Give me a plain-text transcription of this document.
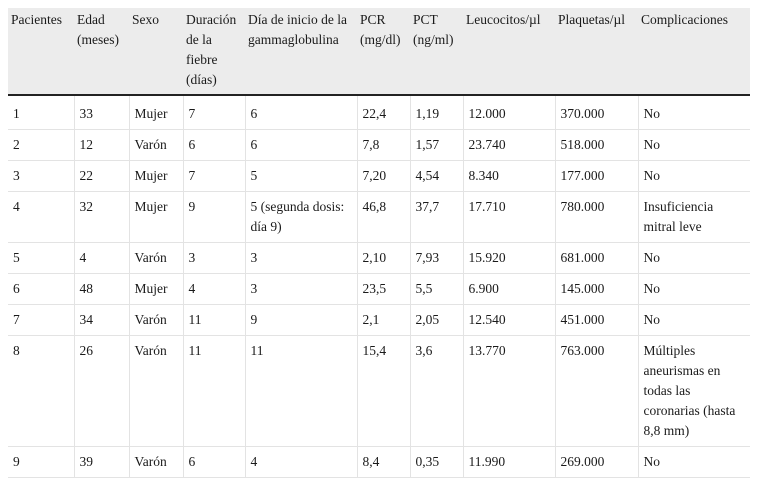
Pacientes	Edad (meses)	Sexo	Duración de la fiebre (días)	Día de inicio de la gammaglobulina	PCR (mg/dl)	PCT (ng/ml)	Leucocitos/µl	Plaquetas/µl	Complicaciones
1	33	Mujer	7	6	22,4	1,19	12.000	370.000	No
2	12	Varón	6	6	7,8	1,57	23.740	518.000	No
3	22	Mujer	7	5	7,20	4,54	8.340	177.000	No
4	32	Mujer	9	5 (segunda dosis: día 9)	46,8	37,7	17.710	780.000	Insuficiencia mitral leve
5	4	Varón	3	3	2,10	7,93	15.920	681.000	No
6	48	Mujer	4	3	23,5	5,5	6.900	145.000	No
7	34	Varón	11	9	2,1	2,05	12.540	451.000	No
8	26	Varón	11	11	15,4	3,6	13.770	763.000	Múltiples aneurismas en todas las coronarias (hasta 8,8 mm)
9	39	Varón	6	4	8,4	0,35	11.990	269.000	No
